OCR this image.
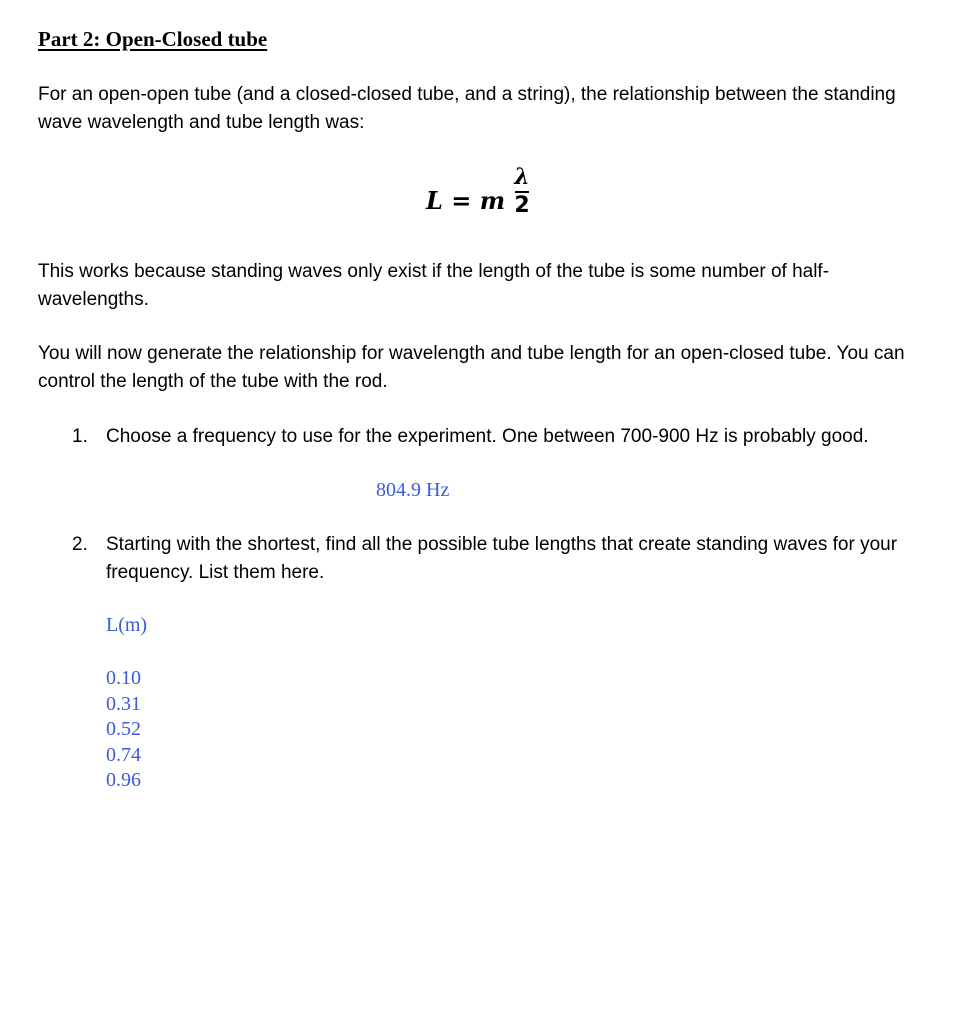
Part 2: Open-Closed tube
For an open-open tube (and a closed-closed tube, and a string), the relationship between the standing wave wavelength and tube length was:
L = m
λ
2
This works because standing waves only exist if the length of the tube is some number of half-wavelengths.
You will now generate the relationship for wavelength and tube length for an open-closed tube. You can control the length of the tube with the rod.
1. Choose a frequency to use for the experiment. One between 700-900 Hz is probably good.
804.9 Hz
2. Starting with the shortest, find all the possible tube lengths that create standing waves for your frequency. List them here.
L(m)
0.10
0.31
0.52
0.74
0.96
